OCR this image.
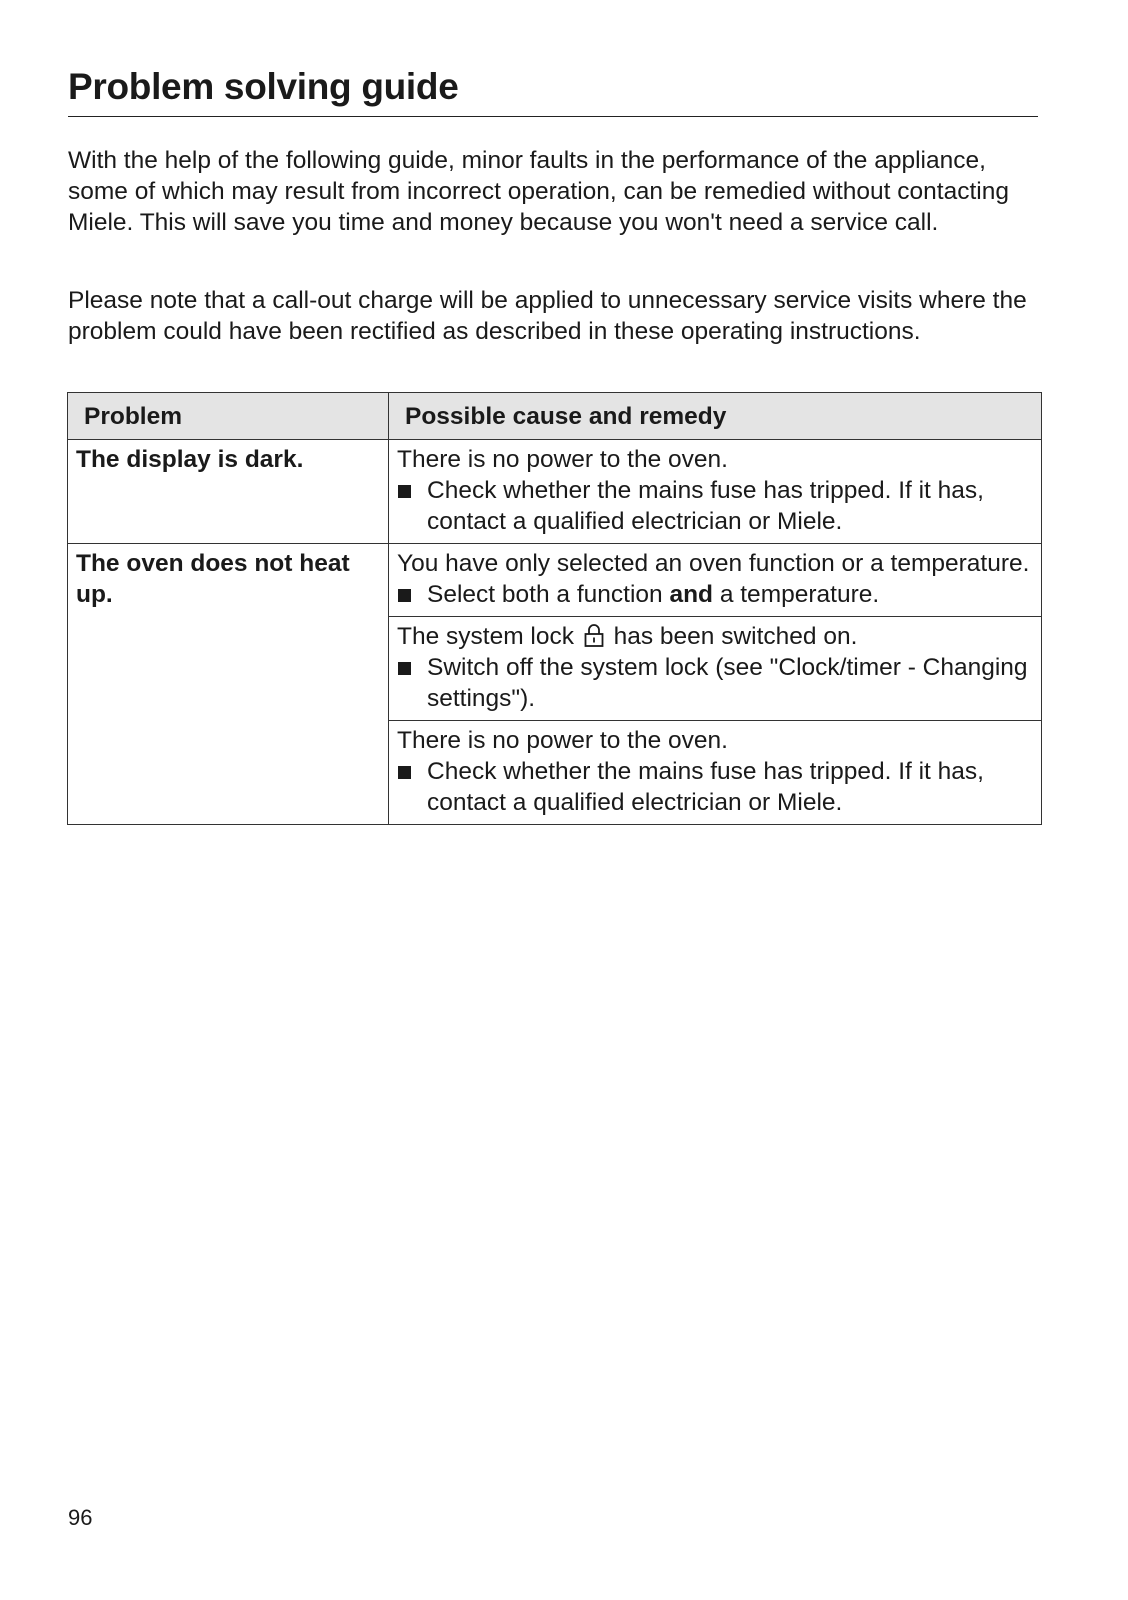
Problem solving guide

With the help of the following guide, minor faults in the performance of the appliance, some of which may result from incorrect operation, can be remedied without contacting Miele. This will save you time and money because you won't need a service call.

Please note that a call-out charge will be applied to unnecessary service visits where the problem could have been rectified as described in these operating instructions.

Problem	Possible cause and remedy
The display is dark.	There is no power to the oven.
Check whether the mains fuse has tripped. If it has, contact a qualified electrician or Miele.

The oven does not heat up.	You have only selected an oven function or a temperature.
Select both a function and a temperature.

	The system lock  has been switched on.
Switch off the system lock (see "Clock/timer - Changing settings").

	There is no power to the oven.
Check whether the mains fuse has tripped. If it has, contact a qualified electrician or Miele.

96
